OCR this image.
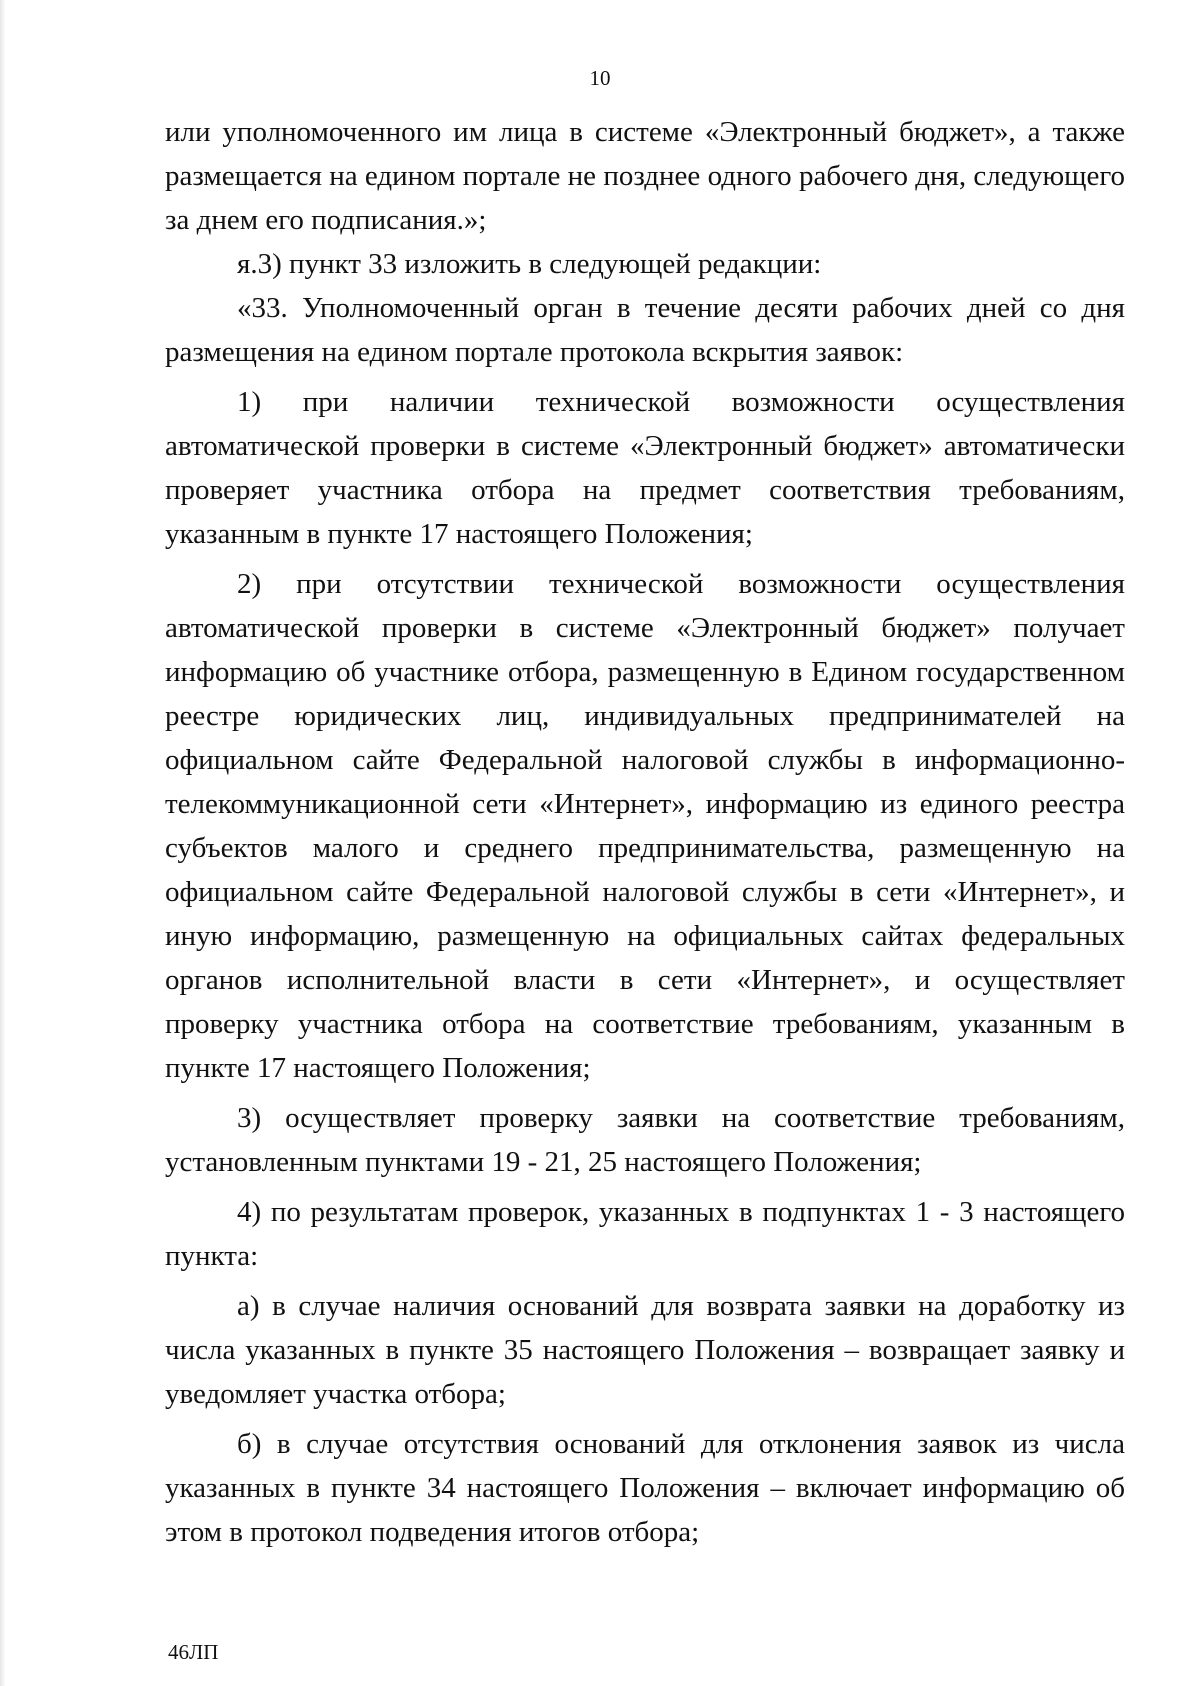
10

или уполномоченного им лица в системе «Электронный бюджет», а также размещается на едином портале не позднее одного рабочего дня, следующего за днем его подписания.»;

я.3) пункт 33 изложить в следующей редакции:

«33. Уполномоченный орган в течение десяти рабочих дней со дня размещения на едином портале протокола вскрытия заявок:

1) при наличии технической возможности осуществления автоматической проверки в системе «Электронный бюджет» автоматически проверяет участника отбора на предмет соответствия требованиям, указанным в пункте 17 настоящего Положения;

2) при отсутствии технической возможности осуществления автоматической проверки в системе «Электронный бюджет» получает информацию об участнике отбора, размещенную в Едином государственном реестре юридических лиц, индивидуальных предпринимателей на официальном сайте Федеральной налоговой службы в информационно-телекоммуникационной сети «Интернет», информацию из единого реестра субъектов малого и среднего предпринимательства, размещенную на официальном сайте Федеральной налоговой службы в сети «Интернет», и иную информацию, размещенную на официальных сайтах федеральных органов исполнительной власти в сети «Интернет», и осуществляет проверку участника отбора на соответствие требованиям, указанным в пункте 17 настоящего Положения;

3) осуществляет проверку заявки на соответствие требованиям, установленным пунктами 19 - 21, 25 настоящего Положения;

4) по результатам проверок, указанных в подпунктах 1 - 3 настоящего пункта:

а) в случае наличия оснований для возврата заявки на доработку из числа указанных в пункте 35 настоящего Положения – возвращает заявку и уведомляет участка отбора;

б) в случае отсутствия оснований для отклонения заявок из числа указанных в пункте 34 настоящего Положения – включает информацию об этом в протокол подведения итогов отбора;

46ЛП
